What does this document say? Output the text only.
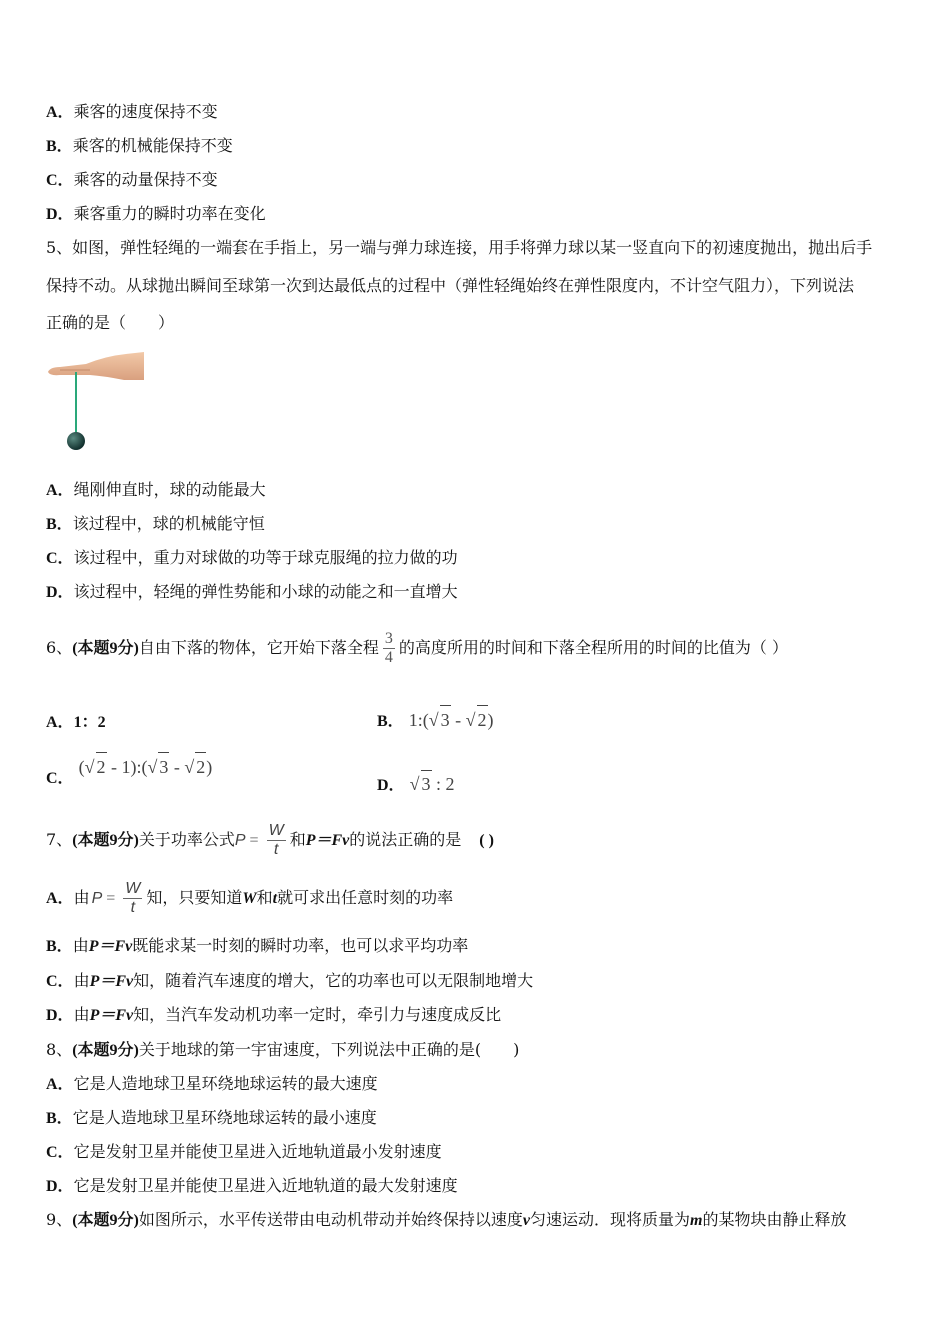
A．乘客的速度保持不变
B．乘客的机械能保持不变
C．乘客的动量保持不变
D．乘客重力的瞬时功率在变化
5、如图，弹性轻绳的一端套在手指上，另一端与弹力球连接，用手将弹力球以某一竖直向下的初速度抛出，抛出后手
保持不动。从球抛出瞬间至球第一次到达最低点的过程中（弹性轻绳始终在弹性限度内，不计空气阻力），下列说法
正确的是（　　）
A．绳刚伸直时，球的动能最大
B．该过程中，球的机械能守恒
C．该过程中，重力对球做的功等于球克服绳的拉力做的功
D．该过程中，轻绳的弹性势能和小球的动能之和一直增大
6、(本题9分)自由下落的物体，它开始下落全程 $\frac{3}{4}$ 的高度所用的时间和下落全程所用的时间的比值为（ ）
A．1：2	B． 1:(√ 3 - √ 2)
C． (√ 2 - 1):(√ 3 - √ 2)
D． √ 3 : 2
7、(本题9分)关于功率公式$P = \frac{W}{t}$ 和P＝Fv的说法正确的是 ( )
A．由 $P = \frac{W}{t}$ 知，只要知道W和t就可求出任意时刻的功率
B．由P＝Fv既能求某一时刻的瞬时功率，也可以求平均功率
C．由P＝Fv知，随着汽车速度的增大，它的功率也可以无限制地增大
D．由P＝Fv知，当汽车发动机功率一定时，牵引力与速度成反比
8、(本题9分)关于地球的第一宇宙速度，下列说法中正确的是(　　)
A．它是人造地球卫星环绕地球运转的最大速度
B．它是人造地球卫星环绕地球运转的最小速度
C．它是发射卫星并能使卫星进入近地轨道最小发射速度
D．它是发射卫星并能使卫星进入近地轨道的最大发射速度
9、(本题9分)如图所示，水平传送带由电动机带动并始终保持以速度v匀速运动．现将质量为m的某物块由静止释放
